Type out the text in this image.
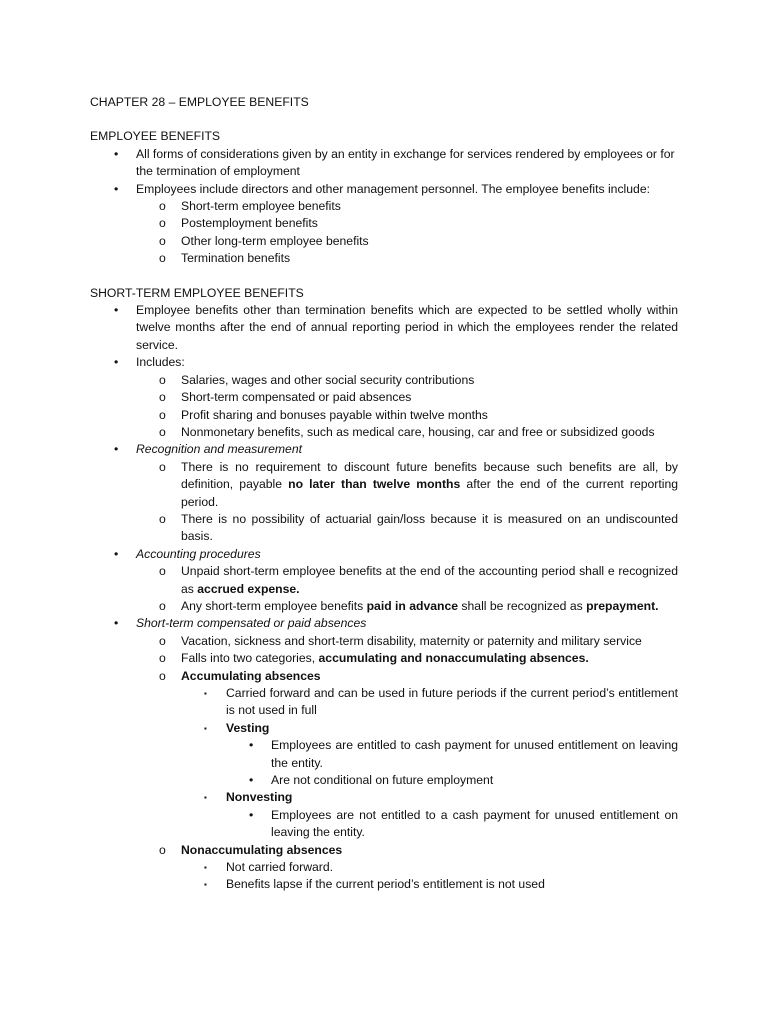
CHAPTER 28 – EMPLOYEE BENEFITS

EMPLOYEE BENEFITS

•	All forms of considerations given by an entity in exchange for services rendered by employees or for the termination of employment
•	Employees include directors and other management personnel. The employee benefits include:
o	Short-term employee benefits
o	Postemployment benefits
o	Other long-term employee benefits
o	Termination benefits

SHORT-TERM EMPLOYEE BENEFITS

•	Employee benefits other than termination benefits which are expected to be settled wholly within twelve months after the end of annual reporting period in which the employees render the related service.
•	Includes:
o	Salaries, wages and other social security contributions
o	Short-term compensated or paid absences
o	Profit sharing and bonuses payable within twelve months
o	Nonmonetary benefits, such as medical care, housing, car and free or subsidized goods
•	Recognition and measurement
o	There is no requirement to discount future benefits because such benefits are all, by definition, payable no later than twelve months after the end of the current reporting period.
o	There is no possibility of actuarial gain/loss because it is measured on an undiscounted basis.
•	Accounting procedures
o	Unpaid short-term employee benefits at the end of the accounting period shall e recognized as accrued expense.
o	Any short-term employee benefits paid in advance shall be recognized as prepayment.
•	Short-term compensated or paid absences
o	Vacation, sickness and short-term disability, maternity or paternity and military service
o	Falls into two categories, accumulating and nonaccumulating absences.
o	Accumulating absences
▪	Carried forward and can be used in future periods if the current period’s entitlement is not used in full
▪	Vesting
•	Employees are entitled to cash payment for unused entitlement on leaving the entity.
•	Are not conditional on future employment
▪	Nonvesting
•	Employees are not entitled to a cash payment for unused entitlement on leaving the entity.
o	Nonaccumulating absences
▪	Not carried forward.
▪	Benefits lapse if the current period’s entitlement is not used
